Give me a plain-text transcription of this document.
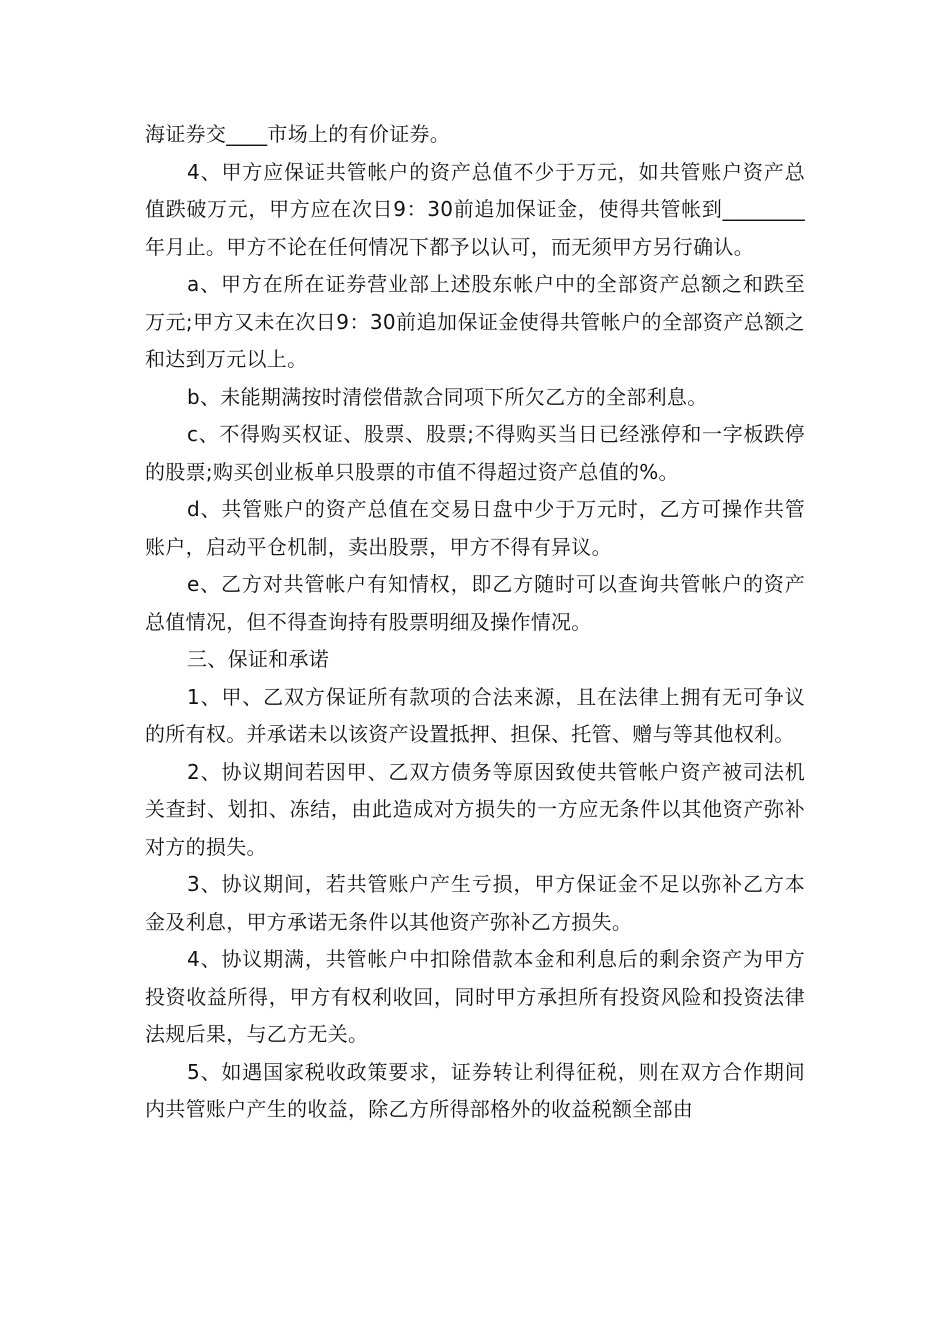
海证券交____市场上的有价证券。

4、甲方应保证共管帐户的资产总值不少于万元，如共管账户资产总值跌破万元，甲方应在次日9：30前追加保证金，使得共管帐到________年月止。甲方不论在任何情况下都予以认可，而无须甲方另行确认。

a、甲方在所在证券营业部上述股东帐户中的全部资产总额之和跌至万元;甲方又未在次日9：30前追加保证金使得共管帐户的全部资产总额之和达到万元以上。

b、未能期满按时清偿借款合同项下所欠乙方的全部利息。

c、不得购买权证、股票、股票;不得购买当日已经涨停和一字板跌停的股票;购买创业板单只股票的市值不得超过资产总值的%。

d、共管账户的资产总值在交易日盘中少于万元时，乙方可操作共管账户，启动平仓机制，卖出股票，甲方不得有异议。

e、乙方对共管帐户有知情权，即乙方随时可以查询共管帐户的资产总值情况，但不得查询持有股票明细及操作情况。

三、保证和承诺

1、甲、乙双方保证所有款项的合法来源，且在法律上拥有无可争议的所有权。并承诺未以该资产设置抵押、担保、托管、赠与等其他权利。

2、协议期间若因甲、乙双方债务等原因致使共管帐户资产被司法机关查封、划扣、冻结，由此造成对方损失的一方应无条件以其他资产弥补对方的损失。

3、协议期间，若共管账户产生亏损，甲方保证金不足以弥补乙方本金及利息，甲方承诺无条件以其他资产弥补乙方损失。

4、协议期满，共管帐户中扣除借款本金和利息后的剩余资产为甲方投资收益所得，甲方有权利收回，同时甲方承担所有投资风险和投资法律法规后果，与乙方无关。

5、如遇国家税收政策要求，证券转让利得征税，则在双方合作期间内共管账户产生的收益，除乙方所得部格外的收益税额全部由
